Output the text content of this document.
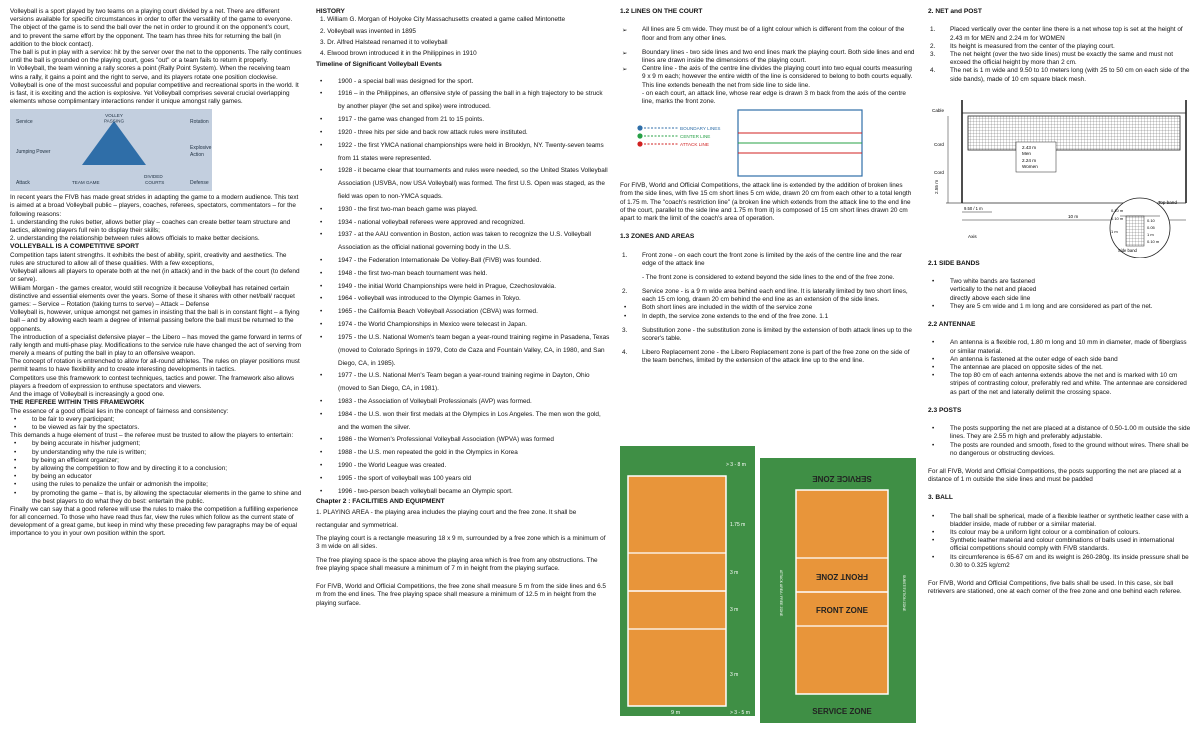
Volleyball is a sport played by two teams on a playing court divided by a net. There are different versions available for specific circumstances in order to offer the versatility of the game to everyone.

The object of the game is to send the ball over the net in order to ground it on the opponent's court, and to prevent the same effort by the opponent. The team has three hits for returning the ball (in addition to the block contact).

The ball is put in play with a service: hit by the server over the net to the opponents. The rally continues until the ball is grounded on the playing court, goes "out" or a team fails to return it properly.

In Volleyball, the team winning a rally scores a point (Rally Point System). When the receiving team wins a rally, it gains a point and the right to serve, and its players rotate one position clockwise.

Volleyball is one of the most successful and popular competitive and recreational sports in the world. It is fast, it is exciting and the action is explosive. Yet Volleyball comprises several crucial overlapping elements whose complimentary interactions render it unique amongst rally games.

Service
VOLLEY
PASSING	Rotation
Jumping Power
Explosive
Action
Attack	TEAM GAME
DIVIDED
COURTS	Defense

In recent years the FIVB has made great strides in adapting the game to a modern audience. This text is aimed at a broad Volleyball public – players, coaches, referees, spectators, commentators – for the following reasons:

1. understanding the rules better, allows better play – coaches can create better team structure and tactics, allowing players full rein to display their skills;

2. understanding the relationship between rules allows officials to make better decisions.

VOLLEYBALL IS A COMPETITIVE SPORT

Competition taps latent strengths. It exhibits the best of ability, spirit, creativity and aesthetics. The rules are structured to allow all of these qualities. With a few exceptions,

Volleyball allows all players to operate both at the net (in attack) and in the back of the court (to defend or serve).

William Morgan - the games creator, would still recognize it because Volleyball has retained certain distinctive and essential elements over the years. Some of these it shares with other net/ball/ racquet games: – Service – Rotation (taking turns to serve) – Attack – Defense

Volleyball is, however, unique amongst net games in insisting that the ball is in constant flight – a flying ball – and by allowing each team a degree of internal passing before the ball must be returned to the opponents.

The introduction of a specialist defensive player – the Libero – has moved the game forward in terms of rally length and multi-phase play. Modifications to the service rule have changed the act of serving from merely a means of putting the ball in play to an offensive weapon.

The concept of rotation is entrenched to allow for all-round athletes. The rules on player positions must permit teams to have flexibility and to create interesting developments in tactics.

Competitors use this framework to contest techniques, tactics and power. The framework also allows players a freedom of expression to enthuse spectators and viewers.

And the image of Volleyball is increasingly a good one.

THE REFEREE WITHIN THIS FRAMEWORK

The essence of a good official lies in the concept of fairness and consistency:

• to be fair to every participant;

• to be viewed as fair by the spectators.

This demands a huge element of trust – the referee must be trusted to allow the players to entertain:

• by being accurate in his/her judgment;

• by understanding why the rule is written;

• by being an efficient organizer;

• by allowing the competition to flow and by directing it to a conclusion;

• by being an educator

• using the rules to penalize the unfair or admonish the impolite;

• by promoting the game – that is, by allowing the spectacular elements in the game to shine and the best players to do what they do best: entertain the public.

Finally we can say that a good referee will use the rules to make the competition a fulfilling experience for all concerned. To those who have read thus far, view the rules which follow as the current state of development of a great game, but keep in mind why these preceding few paragraphs may be of equal importance to you in your own position within the sport.

HISTORY

1. William G. Morgan of Holyoke City Massachusetts created a game called Mintonette

2. Volleyball was invented in 1895

3. Dr. Alfred Halstead renamed it to volleyball

4. Elwood brown introduced it in the Philippines in 1910

Timeline of Significant Volleyball Events

• 1900 - a special ball was designed for the sport.

• 1916 – in the Philippines, an offensive style of passing the ball in a high trajectory to be struck by another player (the set and spike) were introduced.

• 1917 - the game was changed from 21 to 15 points.

• 1920 - three hits per side and back row attack rules were instituted.

• 1922 - the first YMCA national championships were held in Brooklyn, NY. Twenty-seven teams from 11 states were represented.

• 1928 - it became clear that tournaments and rules were needed, so the United States Volleyball Association (USVBA, now USA Volleyball) was formed. The first U.S. Open was staged, as the field was open to non-YMCA squads.

• 1930 - the first two-man beach game was played.

• 1934 - national volleyball referees were approved and recognized.

• 1937 - at the AAU convention in Boston, action was taken to recognize the U.S. Volleyball Association as the official national governing body in the U.S.

• 1947 - the Federation Internationale De Volley-Ball (FIVB) was founded.

• 1948 - the first two-man beach tournament was held.

• 1949 - the initial World Championships were held in Prague, Czechoslovakia.

• 1964 - volleyball was introduced to the Olympic Games in Tokyo.

• 1965 - the California Beach Volleyball Association (CBVA) was formed.

• 1974 - the World Championships in Mexico were telecast in Japan.

• 1975 - the U.S. National Women's team began a year-round training regime in Pasadena, Texas (moved to Colorado Springs in 1979, Coto de Caza and Fountain Valley, CA, in 1980, and San Diego, CA, in 1985).

• 1977 - the U.S. National Men's Team began a year-round training regime in Dayton, Ohio (moved to San Diego, CA, in 1981).

• 1983 - the Association of Volleyball Professionals (AVP) was formed.

• 1984 - the U.S. won their first medals at the Olympics in Los Angeles. The men won the gold, and the women the silver.

• 1986 - the Women's Professional Volleyball Association (WPVA) was formed

• 1988 - the U.S. men repeated the gold in the Olympics in Korea

• 1990 - the World League was created.

• 1995 - the sport of volleyball was 100 years old

• 1996 - two-person beach volleyball became an Olympic sport.

Chapter 2 : FACILITIES AND EQUIPMENT

1. PLAYING AREA - the playing area includes the playing court and the free zone. It shall be rectangular and symmetrical.

The playing court is a rectangle measuring 18 x 9 m, surrounded by a free zone which is a minimum of 3 m wide on all sides.

The free playing space is the space above the playing area which is free from any obstructions. The free playing space shall measure a minimum of 7 m in height from the playing surface.

For FIVB, World and Official Competitions, the free zone shall measure 5 m from the side lines and 6.5 m from the end lines. The free playing space shall measure a minimum of 12.5 m in height from the playing surface.

1.2 LINES ON THE COURT

➢ All lines are 5 cm wide. They must be of a light colour which is different from the colour of the floor and from any other lines.

➢ Boundary lines - two side lines and two end lines mark the playing court. Both side lines and end lines are drawn inside the dimensions of the playing court.

➢ Centre line - the axis of the centre line divides the playing court into two equal courts measuring 9 x 9 m each; however the entire width of the line is considered to belong to both courts equally. This line extends beneath the net from side line to side line.

- on each court, an attack line, whose rear edge is drawn 3 m back from the axis of the centre line, marks the front zone.

BOUNDARY LINES
CENTER LINE
ATTACK LINE

For FIVB, World and Official Competitions, the attack line is extended by the addition of broken lines from the side lines, with five 15 cm short lines 5 cm wide, drawn 20 cm from each other to a total length of 1.75 m. The "coach's restriction line" (a broken line which extends from the attack line to the end line of the court, parallel to the side line and 1.75 m from it) is composed of 15 cm short lines drawn 20 cm apart to mark the limit of the coach's area of operation.

1.3 ZONES AND AREAS

1. Front zone - on each court the front zone is limited by the axis of the centre line and the rear edge of the attack line

- The front zone is considered to extend beyond the side lines to the end of the free zone.

2. Service zone - is a 9 m wide area behind each end line. It is laterally limited by two short lines, each 15 cm long, drawn 20 cm behind the end line as an extension of the side lines.

• Both short lines are included in the width of the service zone

• In depth, the service zone extends to the end of the free zone. 1.1

3. Substitution zone - the substitution zone is limited by the extension of both attack lines up to the scorer's table.

4. Libero Replacement zone - the Libero Replacement zone is part of the free zone on the side of the team benches, limited by the extension of the attack line up to the end line.

9 m
9 m
1.75 m
3 m
3 m
3 m
9 m	> 3 - 5 m
> 3 - 8 m
SERVICE ZONE
FRONT ZONE
FRONT ZONE
SERVICE ZONE
ATTACK AREA / FREE ZONE	SUBSTITUTION ZONE

2. NET and POST

1. Placed vertically over the center line there is a net whose top is set at the height of 2.43 m for MEN and 2.24 m for WOMEN

2. Its height is measured from the center of the playing court.

3. The net height (over the two side lines) must be exactly the same and must not exceed the official height by more than 2 cm.

4. The net is 1 m wide and 9.50 to 10 meters long (with 25 to 50 cm on each side of the side bands), made of 10 cm square black mesh.

Cable
Cord
Cord
2.43 m
Men
2.24 m
Women
2.55 m
9.50 / 1 m
10 m
Axis
Top band
Side band
0.10 m
0.10
0.05
1 m
0.10 m
0.10 m
1 m

2.1 SIDE BANDS

• Two white bands are fastened vertically to the net and placed directly above each side line

• They are 5 cm wide and 1 m long and are considered as part of the net.

2.2 ANTENNAE

• An antenna is a flexible rod, 1.80 m long and 10 mm in diameter, made of fiberglass or similar material.

• An antenna is fastened at the outer edge of each side band

• The antennae are placed on opposite sides of the net.

• The top 80 cm of each antenna extends above the net and is marked with 10 cm stripes of contrasting colour, preferably red and white. The antennae are considered as part of the net and laterally delimit the crossing space.

2.3 POSTS

• The posts supporting the net are placed at a distance of 0.50-1.00 m outside the side lines. They are 2.55 m high and preferably adjustable.

• The posts are rounded and smooth, fixed to the ground without wires. There shall be no dangerous or obstructing devices.

For all FIVB, World and Official Competitions, the posts supporting the net are placed at a distance of 1 m outside the side lines and must be padded

3. BALL

• The ball shall be spherical, made of a flexible leather or synthetic leather case with a bladder inside, made of rubber or a similar material.

• Its colour may be a uniform light colour or a combination of colours.

• Synthetic leather material and colour combinations of balls used in international official competitions should comply with FIVB standards.

• Its circumference is 65-67 cm and its weight is 260-280g. Its inside pressure shall be 0.30 to 0.325 kg/cm2

For FIVB, World and Official Competitions, five balls shall be used. In this case, six ball retrievers are stationed, one at each corner of the free zone and one behind each referee.
